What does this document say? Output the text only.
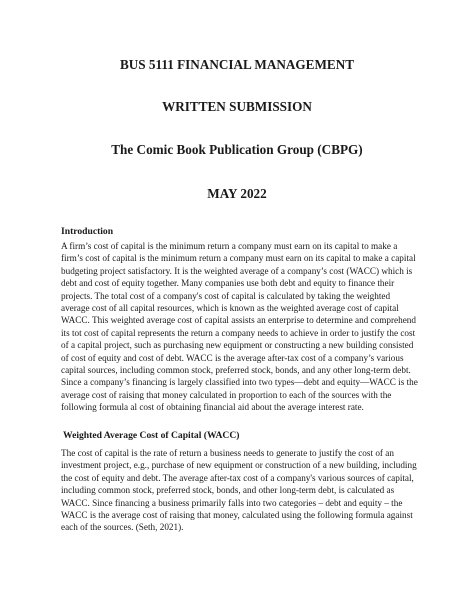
BUS 5111 FINANCIAL MANAGEMENT
WRITTEN SUBMISSION
The Comic Book Publication Group (CBPG)
MAY 2022
Introduction
A firm’s cost of capital is the minimum return a company must earn on its capital to make a
firm’s cost of capital is the minimum return a company must earn on its capital to make a capital
budgeting project satisfactory. It is the weighted average of a company’s cost (WACC) which is
debt and cost of equity together. Many companies use both debt and equity to finance their
projects. The total cost of a company's cost of capital is calculated by taking the weighted
average cost of all capital resources, which is known as the weighted average cost of capital
WACC. This weighted average cost of capital assists an enterprise to determine and comprehend
its tot cost of capital represents the return a company needs to achieve in order to justify the cost
of a capital project, such as purchasing new equipment or constructing a new building consisted
of cost of equity and cost of debt. WACC is the average after-tax cost of a company’s various
capital sources, including common stock, preferred stock, bonds, and any other long-term debt.
Since a company’s financing is largely classified into two types—debt and equity—WACC is the
average cost of raising that money calculated in proportion to each of the sources with the
following formula al cost of obtaining financial aid about the average interest rate.
Weighted Average Cost of Capital (WACC)
The cost of capital is the rate of return a business needs to generate to justify the cost of an
investment project, e.g., purchase of new equipment or construction of a new building, including
the cost of equity and debt. The average after-tax cost of a company's various sources of capital,
including common stock, preferred stock, bonds, and other long-term debt, is calculated as
WACC. Since financing a business primarily falls into two categories – debt and equity – the
WACC is the average cost of raising that money, calculated using the following formula against
each of the sources. (Seth, 2021).
